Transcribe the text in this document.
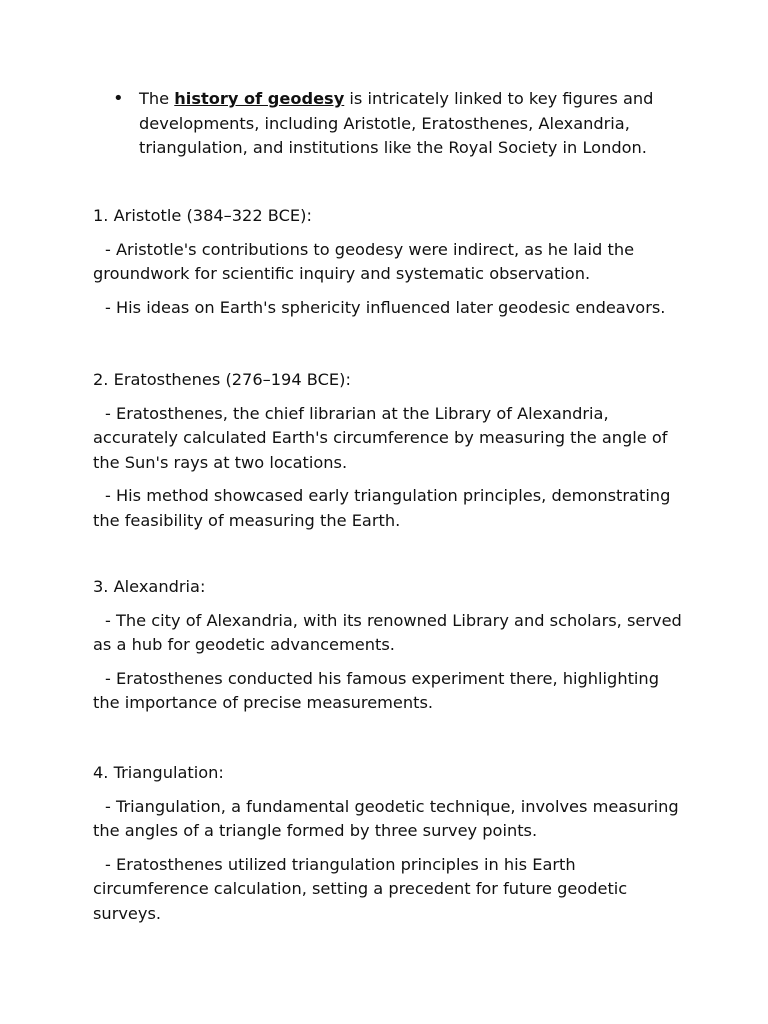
• The history of geodesy is intricately linked to key figures and developments, including Aristotle, Eratosthenes, Alexandria, triangulation, and institutions like the Royal Society in London.

1. Aristotle (384–322 BCE):

- Aristotle's contributions to geodesy were indirect, as he laid the groundwork for scientific inquiry and systematic observation.

- His ideas on Earth's sphericity influenced later geodesic endeavors.

2. Eratosthenes (276–194 BCE):

- Eratosthenes, the chief librarian at the Library of Alexandria, accurately calculated Earth's circumference by measuring the angle of the Sun's rays at two locations.

- His method showcased early triangulation principles, demonstrating the feasibility of measuring the Earth.

3. Alexandria:

- The city of Alexandria, with its renowned Library and scholars, served as a hub for geodetic advancements.

- Eratosthenes conducted his famous experiment there, highlighting the importance of precise measurements.

4. Triangulation:

- Triangulation, a fundamental geodetic technique, involves measuring the angles of a triangle formed by three survey points.

- Eratosthenes utilized triangulation principles in his Earth circumference calculation, setting a precedent for future geodetic surveys.
